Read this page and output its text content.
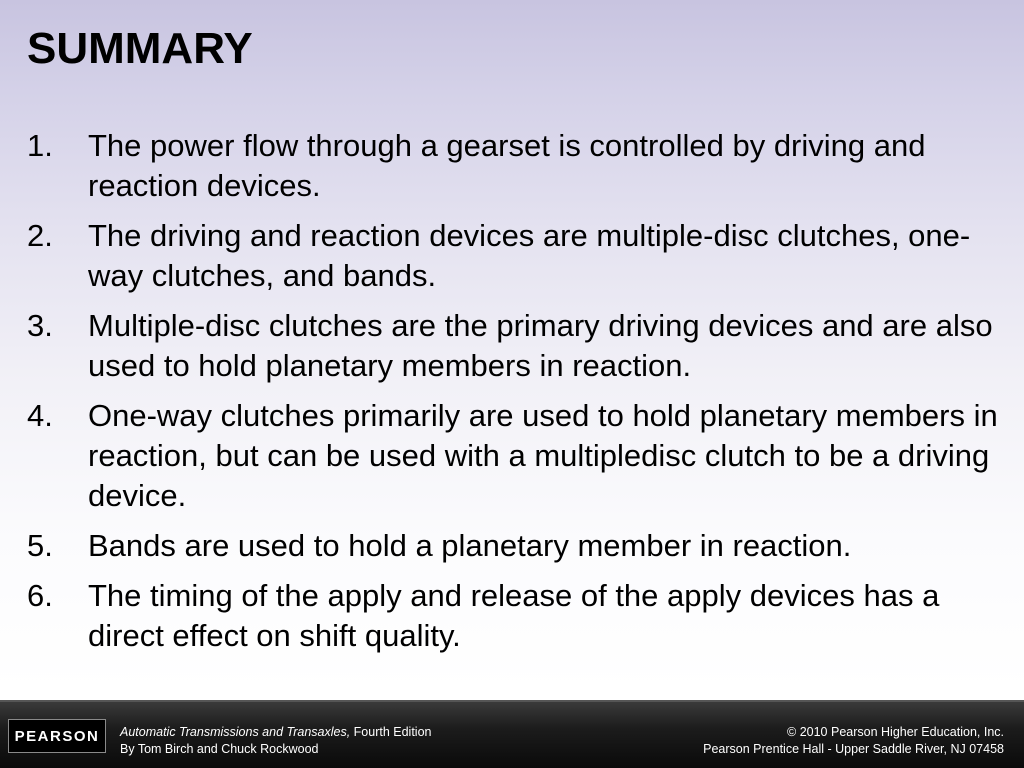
SUMMARY
1.	The power flow through a gearset is controlled by driving and reaction devices.
2.	The driving and reaction devices are multiple-disc clutches, one-way clutches, and bands.
3.	Multiple-disc clutches are the primary driving devices and are also used to hold planetary members in reaction.
4.	One-way clutches primarily are used to hold planetary members in reaction, but can be used with a multipledisc clutch to be a driving device.
5.	Bands are used to hold a planetary member in reaction.
6.	The timing of the apply and release of the apply devices has a direct effect on shift quality.
PEARSON	Automatic Transmissions and Transaxles, Fourth Edition
By Tom Birch and Chuck Rockwood
© 2010 Pearson Higher Education, Inc.
Pearson Prentice Hall - Upper Saddle River, NJ 07458
